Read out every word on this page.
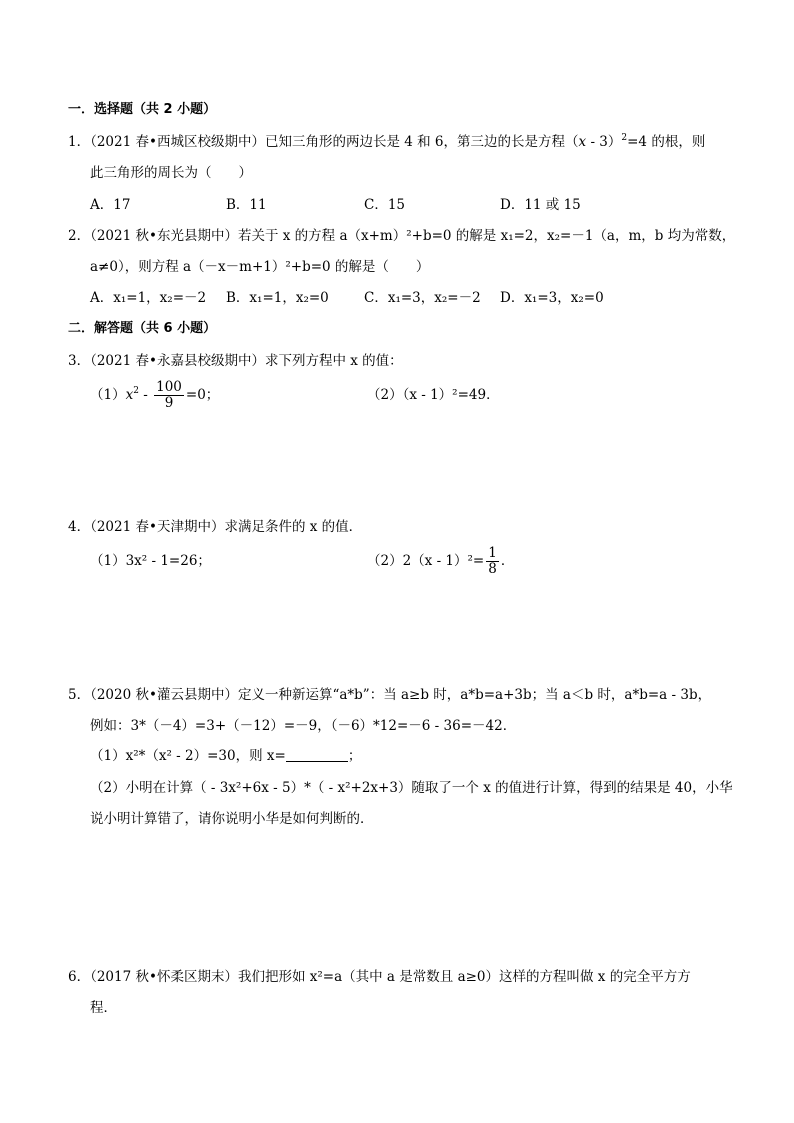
一．选择题（共 2 小题）
1．（2021 春•西城区校级期中）已知三角形的两边长是 4 和 6，第三边的长是方程（x - 3）$^2$=4 的根，则
此三角形的周长为（　　）
A．17	B．11	C．15	D．11 或 15
2．（2021 秋•东光县期中）若关于 x 的方程 a（x+m）²+b=0 的解是 x₁=2，x₂=－1（a，m，b 均为常数，
a≠0），则方程 a（－x－m+1）²+b=0 的解是（　　）
A．x₁=1，x₂=－2 B．x₁=1，x₂=0	C．x₁=3，x₂=－2 D．x₁=3，x₂=0
二．解答题（共 6 小题）
3．（2021 春•永嘉县校级期中）求下列方程中 x 的值：
$(1)x^2 - \frac{100}{9} =0$；	（2）（x - 1）²=49．
4．（2021 春•天津期中）求满足条件的 x 的值．
（1）3x² - 1=26；	$(2)2(x - 1)^2= \frac{1}{8}$ ．
5．（2020 秋•灌云县期中）定义一种新运算“a*b”：当 a≥b 时，a*b=a+3b；当 a＜b 时，a*b=a - 3b，
例如：3*（－4）=3+（－12）=－9，（－6）*12=－6 - 36=－42．
（1）x²*（x² - 2）=30，则 x=	；
（2）小明在计算（ - 3x²+6x - 5）*（ - x²+2x+3）随取了一个 x 的值进行计算，得到的结果是 40，小华
说小明计算错了，请你说明小华是如何判断的．
6．（2017 秋•怀柔区期末）我们把形如 x²=a（其中 a 是常数且 a≥0）这样的方程叫做 x 的完全平方方
程．
